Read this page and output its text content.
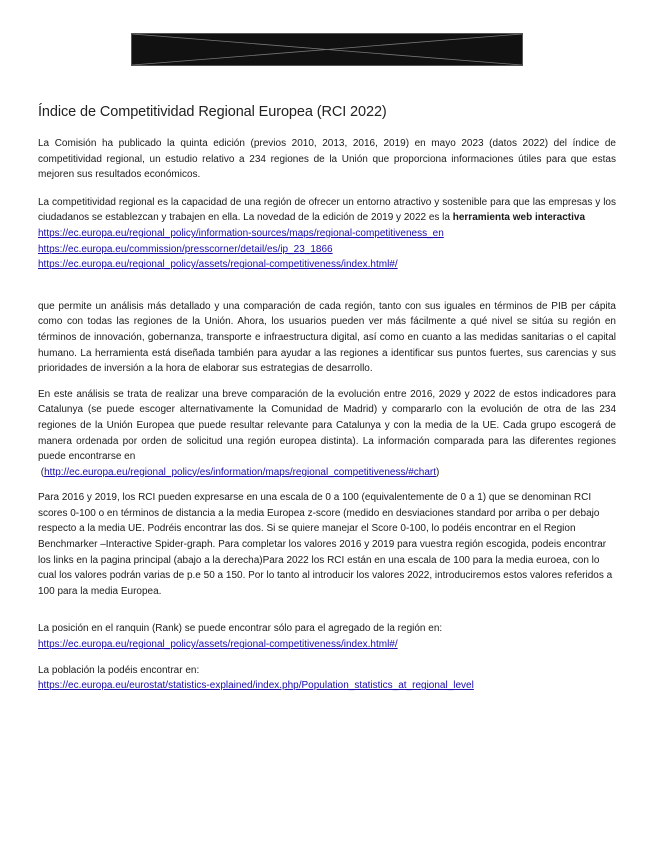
Índice de Competitividad Regional Europea (RCI 2022)

La Comisión ha publicado la quinta edición (previos 2010, 2013, 2016, 2019) en mayo 2023 (datos 2022) del índice de competitividad regional, un estudio relativo a 234 regiones de la Unión que proporciona informaciones útiles para que estas mejoren sus resultados económicos.

La competitividad regional es la capacidad de una región de ofrecer un entorno atractivo y sostenible para que las empresas y los ciudadanos se establezcan y trabajen en ella. La novedad de la edición de 2019 y 2022 es la herramienta web interactiva

https://ec.europa.eu/regional_policy/information-sources/maps/regional-competitiveness_en

https://ec.europa.eu/commission/presscorner/detail/es/ip_23_1866

https://ec.europa.eu/regional_policy/assets/regional-competitiveness/index.html#/

que permite un análisis más detallado y una comparación de cada región, tanto con sus iguales en términos de PIB per cápita como con todas las regiones de la Unión. Ahora, los usuarios pueden ver más fácilmente a qué nivel se sitúa su región en términos de innovación, gobernanza, transporte e infraestructura digital, así como en cuanto a las medidas sanitarias o el capital humano. La herramienta está diseñada también para ayudar a las regiones a identificar sus puntos fuertes, sus carencias y sus prioridades de inversión a la hora de elaborar sus estrategias de desarrollo.

En este análisis se trata de realizar una breve comparación de la evolución entre 2016, 2029 y 2022 de estos indicadores para Catalunya (se puede escoger alternativamente la Comunidad de Madrid) y compararlo con la evolución de otra de las 234 regiones de la Unión Europea que puede resultar relevante para Catalunya y con la media de la UE. Cada grupo escogerá de manera ordenada por orden de solicitud una región europea distinta). La información comparada para las diferentes regiones puede encontrarse en

(http://ec.europa.eu/regional_policy/es/information/maps/regional_competitiveness/#chart)

Para 2016 y 2019, los RCI pueden expresarse en una escala de 0 a 100 (equivalentemente de 0 a 1) que se denominan RCI scores 0-100 o en términos de distancia a la media Europea z-score (medido en desviaciones standard por arriba o per debajo respecto a la media UE. Podréis encontrar las dos. Si se quiere manejar el Score 0-100, lo podéis encontrar en el Region Benchmarker –Interactive Spider-graph. Para completar los valores 2016 y 2019 para vuestra región escogida, podeis encontrar los links en la pagina principal (abajo a la derecha)Para 2022 los RCI están en una escala de 100 para la media euroea, con lo cual los valores podrán varias de p.e 50 a 150. Por lo tanto al introducir los valores 2022, introduciremos estos valores referidos a 100 para la media Europea.

La posición en el ranquin (Rank) se puede encontrar sólo para el agregado de la región en:

https://ec.europa.eu/regional_policy/assets/regional-competitiveness/index.html#/

La población la podéis encontrar en:

https://ec.europa.eu/eurostat/statistics-explained/index.php/Population_statistics_at_regional_level
